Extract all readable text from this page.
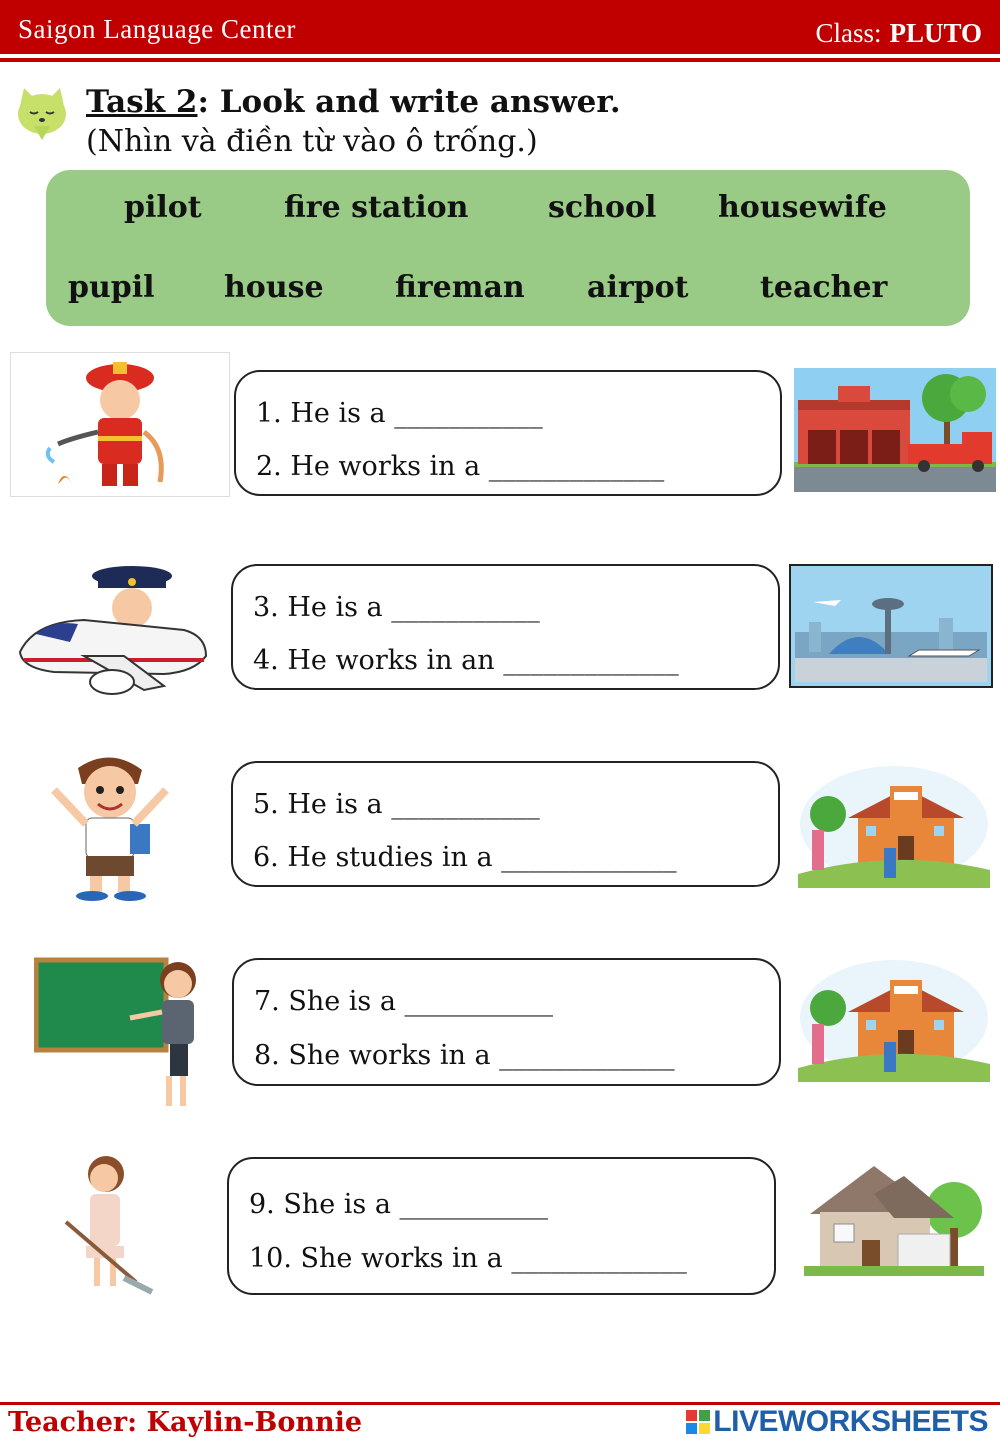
Saigon Language Center	Class: PLUTO
Task 2: Look and write answer.
(Nhìn và điền từ vào ô trống.)
pilot	fire station	school housewife
pupil house fireman airpot teacher
1. He is a ___________
2. He works in a _____________
3. He is a ___________
4. He works in an _____________
5. He is a ___________
6. He studies in a _____________
7. She is a ___________
8. She works in a _____________
9. She is a ___________
10. She works in a _____________
Teacher: Kaylin-Bonnie	LIVEWORKSHEETS
